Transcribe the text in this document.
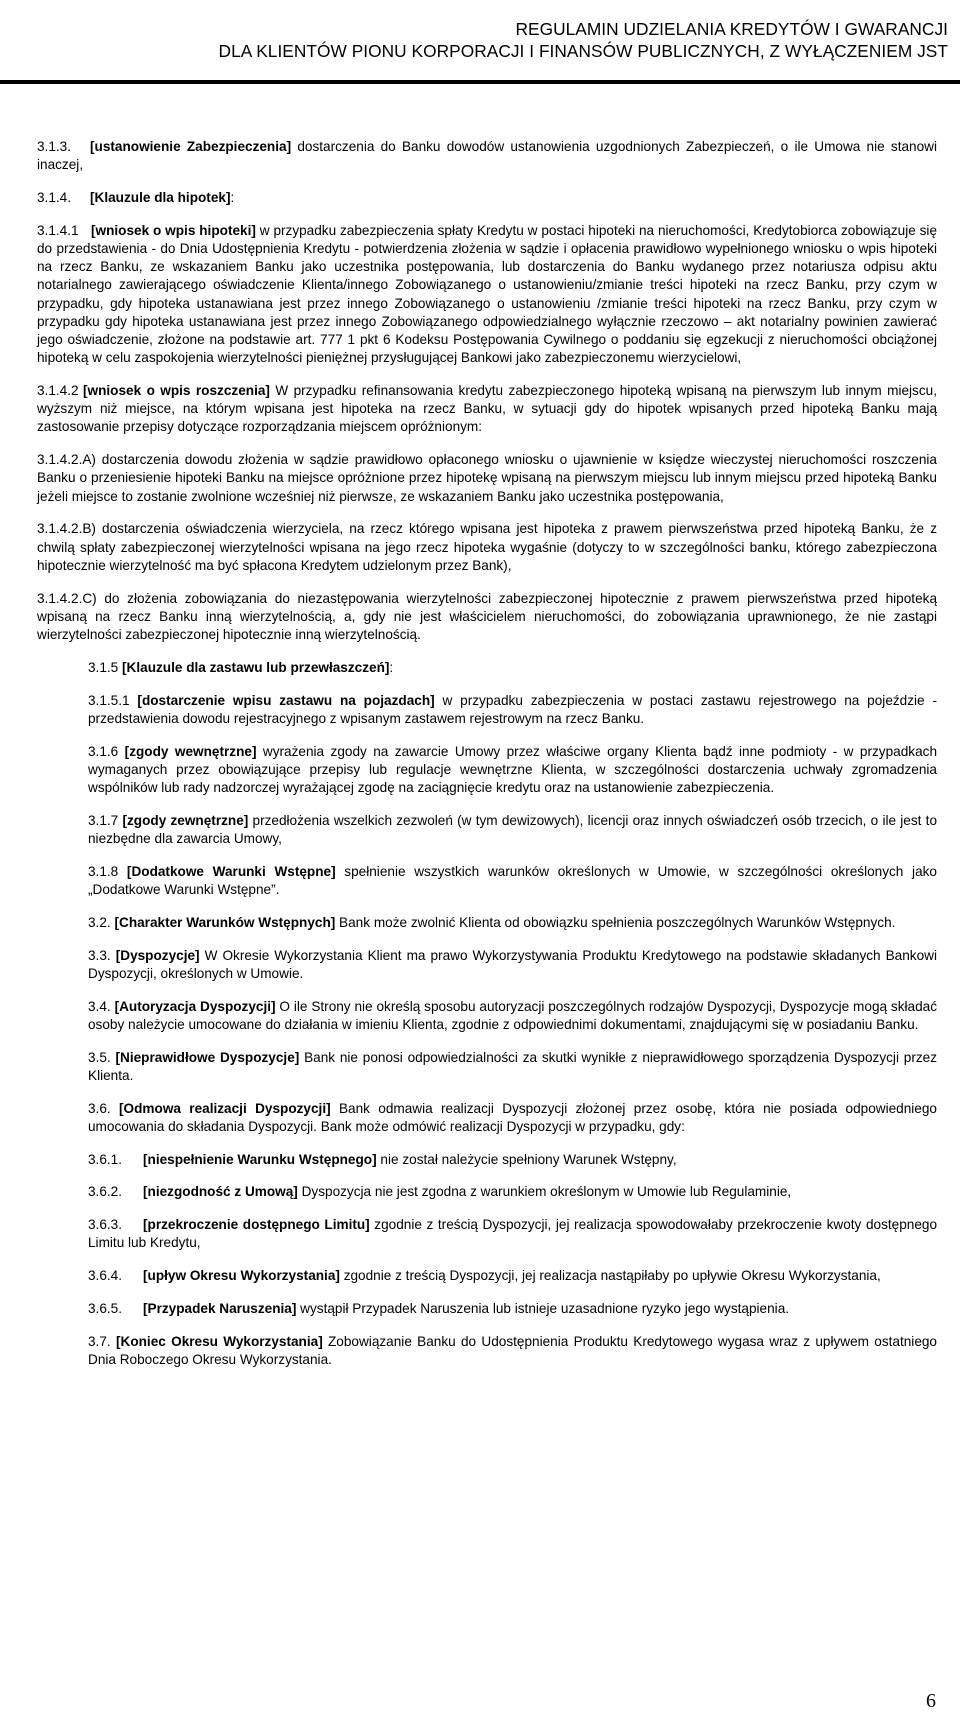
REGULAMIN UDZIELANIA KREDYTÓW I GWARANCJI
DLA KLIENTÓW PIONU KORPORACJI I FINANSÓW PUBLICZNYCH, Z WYŁĄCZENIEM JST

3.1.3. [ustanowienie Zabezpieczenia] dostarczenia do Banku dowodów ustanowienia uzgodnionych Zabezpieczeń, o ile Umowa nie stanowi inaczej,

3.1.4. [Klauzule dla hipotek]:

3.1.4.1 [wniosek o wpis hipoteki] w przypadku zabezpieczenia spłaty Kredytu w postaci hipoteki na nieruchomości, Kredytobiorca zobowiązuje się do przedstawienia - do Dnia Udostępnienia Kredytu - potwierdzenia złożenia w sądzie i opłacenia prawidłowo wypełnionego wniosku o wpis hipoteki na rzecz Banku, ze wskazaniem Banku jako uczestnika postępowania, lub dostarczenia do Banku wydanego przez notariusza odpisu aktu notarialnego zawierającego oświadczenie Klienta/innego Zobowiązanego o ustanowieniu/zmianie treści hipoteki na rzecz Banku, przy czym w przypadku, gdy hipoteka ustanawiana jest przez innego Zobowiązanego o ustanowieniu /zmianie treści hipoteki na rzecz Banku, przy czym w przypadku gdy hipoteka ustanawiana jest przez innego Zobowiązanego odpowiedzialnego wyłącznie rzeczowo – akt notarialny powinien zawierać jego oświadczenie, złożone na podstawie art. 777 1 pkt 6 Kodeksu Postępowania Cywilnego o poddaniu się egzekucji z nieruchomości obciążonej hipoteką w celu zaspokojenia wierzytelności pieniężnej przysługującej Bankowi jako zabezpieczonemu wierzycielowi,

3.1.4.2 [wniosek o wpis roszczenia] W przypadku refinansowania kredytu zabezpieczonego hipoteką wpisaną na pierwszym lub innym miejscu, wyższym niż miejsce, na którym wpisana jest hipoteka na rzecz Banku, w sytuacji gdy do hipotek wpisanych przed hipoteką Banku mają zastosowanie przepisy dotyczące rozporządzania miejscem opróżnionym:

3.1.4.2.A) dostarczenia dowodu złożenia w sądzie prawidłowo opłaconego wniosku o ujawnienie w księdze wieczystej nieruchomości roszczenia Banku o przeniesienie hipoteki Banku na miejsce opróżnione przez hipotekę wpisaną na pierwszym miejscu lub innym miejscu przed hipoteką Banku jeżeli miejsce to zostanie zwolnione wcześniej niż pierwsze, ze wskazaniem Banku jako uczestnika postępowania,

3.1.4.2.B) dostarczenia oświadczenia wierzyciela, na rzecz którego wpisana jest hipoteka z prawem pierwszeństwa przed hipoteką Banku, że z chwilą spłaty zabezpieczonej wierzytelności wpisana na jego rzecz hipoteka wygaśnie (dotyczy to w szczególności banku, którego zabezpieczona hipotecznie wierzytelność ma być spłacona Kredytem udzielonym przez Bank),

3.1.4.2.C) do złożenia zobowiązania do niezastępowania wierzytelności zabezpieczonej hipotecznie z prawem pierwszeństwa przed hipoteką wpisaną na rzecz Banku inną wierzytelnością, a, gdy nie jest właścicielem nieruchomości, do zobowiązania uprawnionego, że nie zastąpi wierzytelności zabezpieczonej hipotecznie inną wierzytelnością.

3.1.5 [Klauzule dla zastawu lub przewłaszczeń]:

3.1.5.1 [dostarczenie wpisu zastawu na pojazdach] w przypadku zabezpieczenia w postaci zastawu rejestrowego na pojeździe - przedstawienia dowodu rejestracyjnego z wpisanym zastawem rejestrowym na rzecz Banku.

3.1.6 [zgody wewnętrzne] wyrażenia zgody na zawarcie Umowy przez właściwe organy Klienta bądź inne podmioty - w przypadkach wymaganych przez obowiązujące przepisy lub regulacje wewnętrzne Klienta, w szczególności dostarczenia uchwały zgromadzenia wspólników lub rady nadzorczej wyrażającej zgodę na zaciągnięcie kredytu oraz na ustanowienie zabezpieczenia.

3.1.7 [zgody zewnętrzne] przedłożenia wszelkich zezwoleń (w tym dewizowych), licencji oraz innych oświadczeń osób trzecich, o ile jest to niezbędne dla zawarcia Umowy,

3.1.8 [Dodatkowe Warunki Wstępne] spełnienie wszystkich warunków określonych w Umowie, w szczególności określonych jako „Dodatkowe Warunki Wstępne”.

3.2. [Charakter Warunków Wstępnych] Bank może zwolnić Klienta od obowiązku spełnienia poszczególnych Warunków Wstępnych.

3.3. [Dyspozycje] W Okresie Wykorzystania Klient ma prawo Wykorzystywania Produktu Kredytowego na podstawie składanych Bankowi Dyspozycji, określonych w Umowie.

3.4. [Autoryzacja Dyspozycji] O ile Strony nie określą sposobu autoryzacji poszczególnych rodzajów Dyspozycji, Dyspozycje mogą składać osoby należycie umocowane do działania w imieniu Klienta, zgodnie z odpowiednimi dokumentami, znajdującymi się w posiadaniu Banku.

3.5. [Nieprawidłowe Dyspozycje] Bank nie ponosi odpowiedzialności za skutki wynikłe z nieprawidłowego sporządzenia Dyspozycji przez Klienta.

3.6. [Odmowa realizacji Dyspozycji] Bank odmawia realizacji Dyspozycji złożonej przez osobę, która nie posiada odpowiedniego umocowania do składania Dyspozycji. Bank może odmówić realizacji Dyspozycji w przypadku, gdy:

3.6.1. [niespełnienie Warunku Wstępnego] nie został należycie spełniony Warunek Wstępny,

3.6.2. [niezgodność z Umową] Dyspozycja nie jest zgodna z warunkiem określonym w Umowie lub Regulaminie,

3.6.3. [przekroczenie dostępnego Limitu] zgodnie z treścią Dyspozycji, jej realizacja spowodowałaby przekroczenie kwoty dostępnego Limitu lub Kredytu,

3.6.4. [upływ Okresu Wykorzystania] zgodnie z treścią Dyspozycji, jej realizacja nastąpiłaby po upływie Okresu Wykorzystania,

3.6.5. [Przypadek Naruszenia] wystąpił Przypadek Naruszenia lub istnieje uzasadnione ryzyko jego wystąpienia.

3.7. [Koniec Okresu Wykorzystania] Zobowiązanie Banku do Udostępnienia Produktu Kredytowego wygasa wraz z upływem ostatniego Dnia Roboczego Okresu Wykorzystania.

6
